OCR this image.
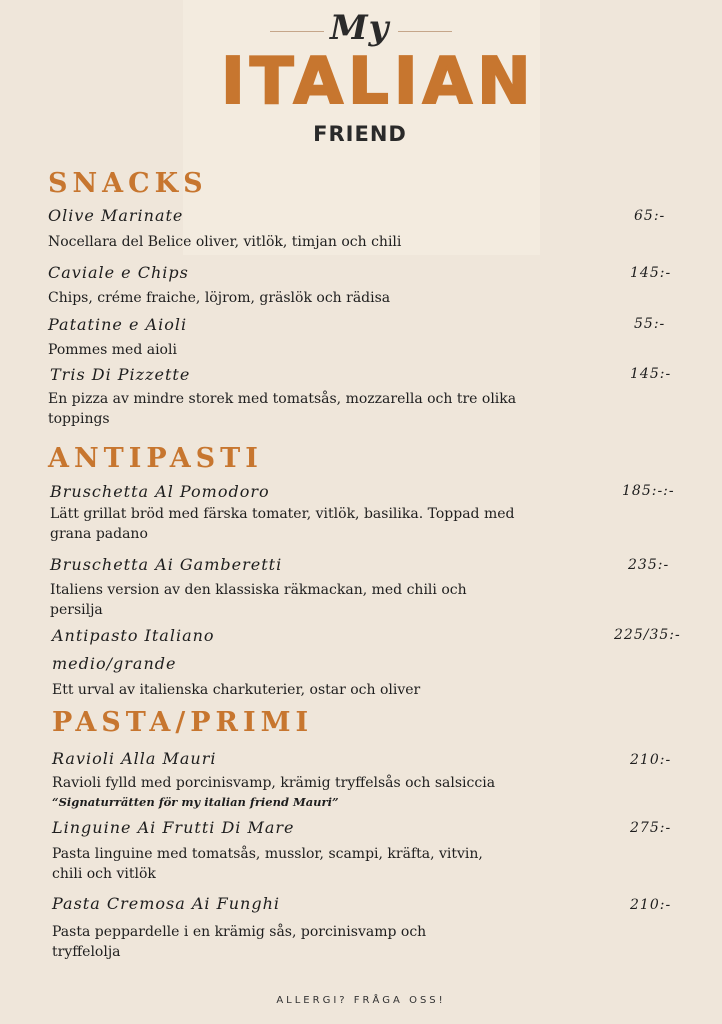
My
ITALIAN
FRIEND
SNACKS
Olive Marinate	65:-
Nocellara del Belice oliver, vitlök, timjan och chili
Caviale e Chips	145:-
Chips, créme fraiche, löjrom, gräslök och rädisa
Patatine e Aioli	55:-
Pommes med aioli
Tris Di Pizzette	145:-
En pizza av mindre storek med tomatsås, mozzarella och tre olika toppings
ANTIPASTI
Bruschetta Al Pomodoro	185:-:-
Lätt grillat bröd med färska tomater, vitlök, basilika. Toppad med grana padano
Bruschetta Ai Gamberetti	235:-
Italiens version av den klassiska räkmackan, med chili och persilja
Antipasto Italiano	225/35:-
medio/grande
Ett urval av italienska charkuterier, ostar och oliver
PASTA/PRIMI
Ravioli Alla Mauri	210:-
Ravioli fylld med porcinisvamp, krämig tryffelsås och salsiccia
“Signaturrätten för my italian friend Mauri”
Linguine Ai Frutti Di Mare	275:-
Pasta linguine med tomatsås, musslor, scampi, kräfta, vitvin, chili och vitlök
Pasta Cremosa Ai Funghi	210:-
Pasta peppardelle i en krämig sås, porcinisvamp och tryffelolja
ALLERGI? FRÅGA OSS!
